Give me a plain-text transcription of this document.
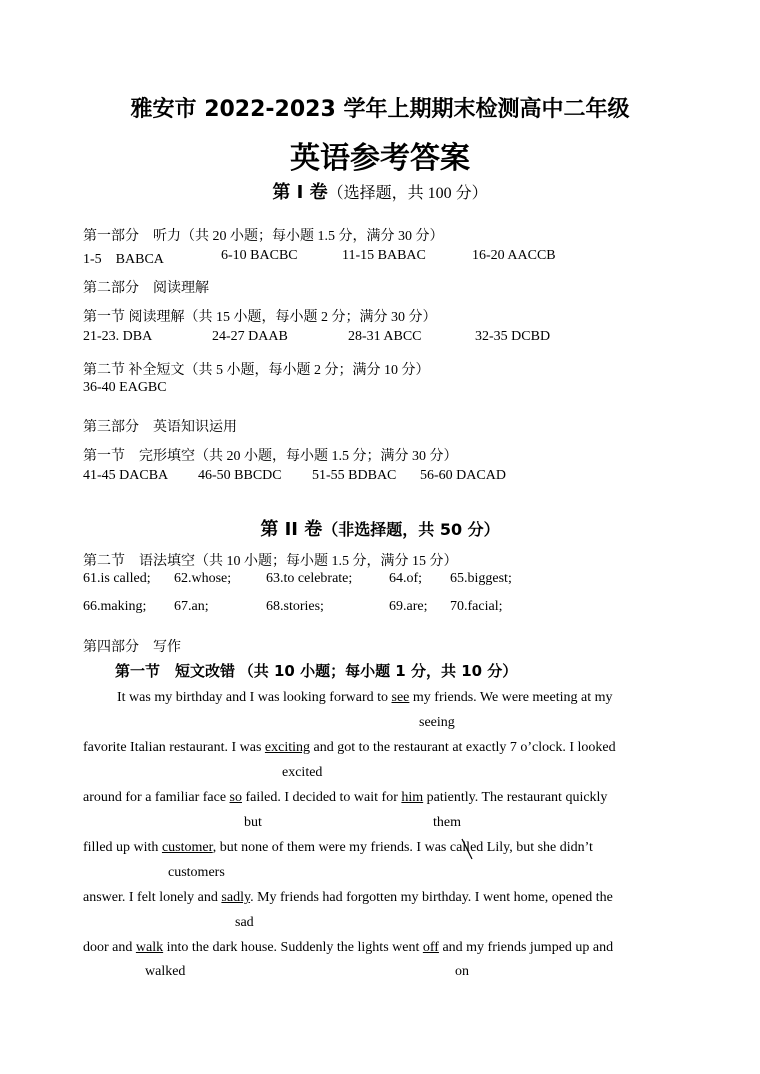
雅安市 2022-2023 学年上期期末检测高中二年级
英语参考答案
第 I 卷（选择题，共 100 分）
第一部分　听力（共 20 小题；每小题 1.5 分，满分 30 分）
1-5　BABCA	6-10 BACBC	11-15 BABAC	16-20 AACCB
第二部分　阅读理解
第一节 阅读理解（共 15 小题，每小题 2 分；满分 30 分）
21-23. DBA	24-27 DAAB	28-31 ABCC	32-35 DCBD
第二节 补全短文（共 5 小题，每小题 2 分；满分 10 分）
36-40 EAGBC
第三部分　英语知识运用
第一节　完形填空（共 20 小题，每小题 1.5 分；满分 30 分）
41-45 DACBA 46-50 BBCDC 51-55 BDBAC 56-60 DACAD
第 II 卷（非选择题，共 50 分）
第二节　语法填空（共 10 小题；每小题 1.5 分，满分 15 分）
61.is called; 62.whose; 63.to celebrate;	64.of; 65.biggest;
66.making; 67.an;	68.stories;	69.are; 70.facial;
第四部分　写作
第一节　短文改错 （共 10 小题；每小题 1 分，共 10 分）
It was my birthday and I was looking forward to see my friends. We were meeting at my
seeing
favorite Italian restaurant. I was exciting and got to the restaurant at exactly 7 o’clock. I looked
excited
around for a familiar face so failed. I decided to wait for him patiently. The restaurant quickly
but	them
filled up with customer, but none of them were my friends. I was called Lily, but she didn’t
customers
answer. I felt lonely and sadly. My friends had forgotten my birthday. I went home, opened the
sad
door and walk into the dark house. Suddenly the lights went off and my friends jumped up and
walked	on
